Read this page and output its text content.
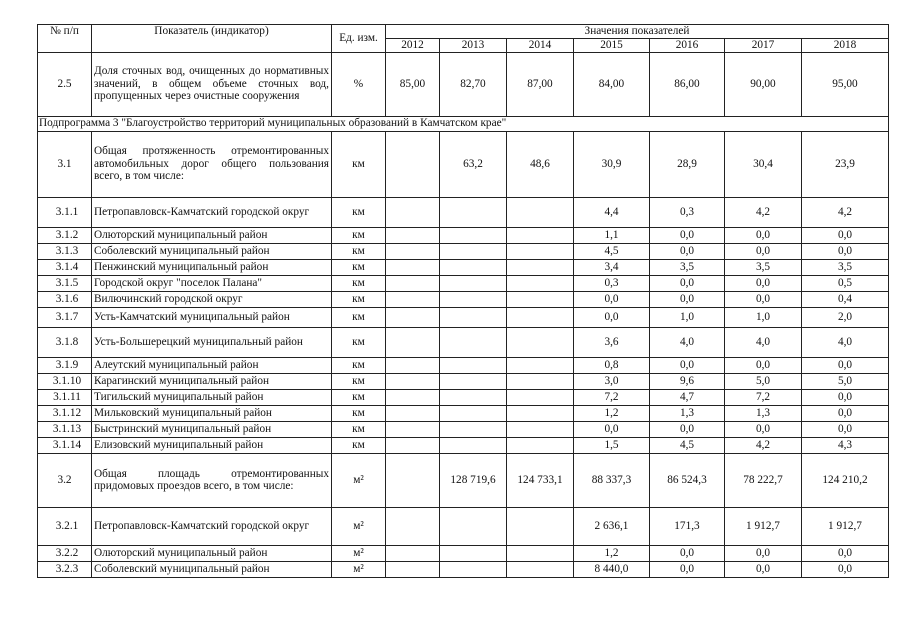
№ п/п	Показатель (индикатор)	Ед. изм.	Значения показателей						
			2012	2013	2014	2015	2016	2017	2018
2.5	Доля сточных вод, очищенных до нормативных значений, в общем объеме сточных вод, пропущенных через очистные сооружения	%	85,00	82,70	87,00	84,00	86,00	90,00	95,00
Подпрограмма 3 "Благоустройство территорий муниципальных образований в Камчатском крае"									
3.1	Общая протяженность отремонтированных автомобильных дорог общего пользования всего, в том числе:	км		63,2	48,6	30,9	28,9	30,4	23,9
3.1.1	Петропавловск-Камчатский городской округ	км				4,4	0,3	4,2	4,2
3.1.2	Олюторский муниципальный район	км				1,1	0,0	0,0	0,0
3.1.3	Соболевский муниципальный район	км				4,5	0,0	0,0	0,0
3.1.4	Пенжинский муниципальный район	км				3,4	3,5	3,5	3,5
3.1.5	Городской округ "поселок Палана"	км				0,3	0,0	0,0	0,5
3.1.6	Вилючинский городской округ	км				0,0	0,0	0,0	0,4
3.1.7	Усть-Камчатский муниципальный район	км				0,0	1,0	1,0	2,0
3.1.8	Усть-Большерецкий муниципальный район	км				3,6	4,0	4,0	4,0
3.1.9	Алеутский муниципальный район	км				0,8	0,0	0,0	0,0
3.1.10	Карагинский муниципальный район	км				3,0	9,6	5,0	5,0
3.1.11	Тигильский муниципальный район	км				7,2	4,7	7,2	0,0
3.1.12	Мильковский муниципальный район	км				1,2	1,3	1,3	0,0
3.1.13	Быстринский муниципальный район	км				0,0	0,0	0,0	0,0
3.1.14	Елизовский муниципальный район	км				1,5	4,5	4,2	4,3
3.2	Общая площадь отремонтированных придомовых проездов всего, в том числе:	м²		128 719,6	124 733,1	88 337,3	86 524,3	78 222,7	124 210,2
3.2.1	Петропавловск-Камчатский городской округ	м²				2 636,1	171,3	1 912,7	1 912,7
3.2.2	Олюторский муниципальный район	м²				1,2	0,0	0,0	0,0
3.2.3	Соболевский муниципальный район	м²				8 440,0	0,0	0,0	0,0
